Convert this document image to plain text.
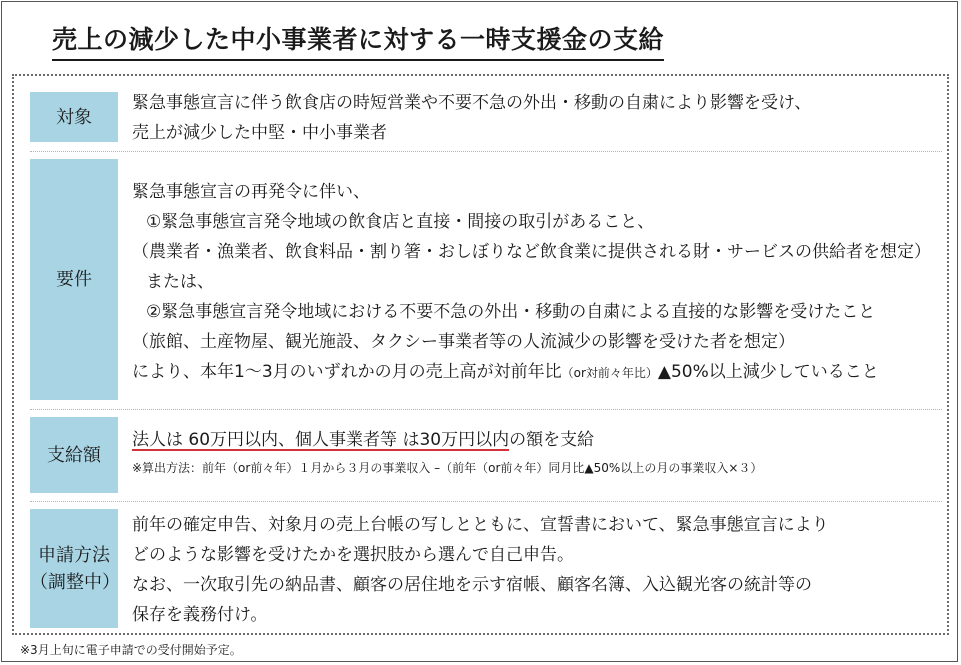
売上の減少した中小事業者に対する一時支援金の支給
対象
緊急事態宣言に伴う飲食店の時短営業や不要不急の外出・移動の自粛により影響を受け、
売上が減少した中堅・中小事業者
要件
緊急事態宣言の再発令に伴い、
①緊急事態宣言発令地域の飲食店と直接・間接の取引があること、
（農業者・漁業者、飲食料品・割り箸・おしぼりなど飲食業に提供される財・サービスの供給者を想定）
または、
②緊急事態宣言発令地域における不要不急の外出・移動の自粛による直接的な影響を受けたこと
（旅館、土産物屋、観光施設、タクシー事業者等の人流減少の影響を受けた者を想定）
により、本年1～3月のいずれかの月の売上高が対前年比（or対前々年比）▲50%以上減少していること
支給額
法人は 60万円以内、個人事業者等 は30万円以内の額を支給
※算出方法：前年（or前々年）１月から３月の事業収入 –（前年（or前々年）同月比▲50%以上の月の事業収入×３）
申請方法
（調整中）
前年の確定申告、対象月の売上台帳の写しとともに、宣誓書において、緊急事態宣言により
どのような影響を受けたかを選択肢から選んで自己申告。
なお、一次取引先の納品書、顧客の居住地を示す宿帳、顧客名簿、入込観光客の統計等の
保存を義務付け。
※3月上旬に電子申請での受付開始予定。
